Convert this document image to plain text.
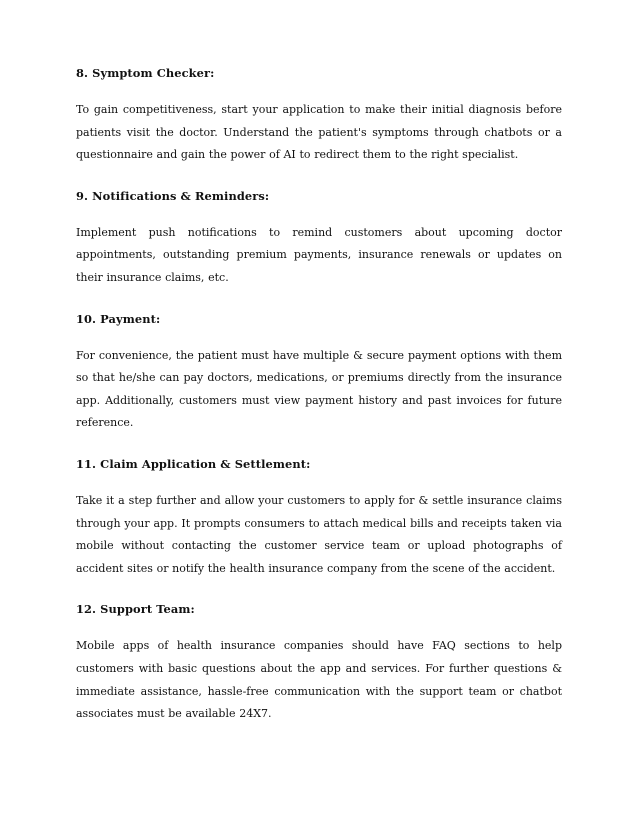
8. Symptom Checker:

To gain competitiveness, start your application to make their initial diagnosis before patients visit the doctor. Understand the patient's symptoms through chatbots or a questionnaire and gain the power of AI to redirect them to the right specialist.

9. Notifications & Reminders:

Implement push notifications to remind customers about upcoming doctor appointments, outstanding premium payments, insurance renewals or updates on their insurance claims, etc.

10. Payment:

For convenience, the patient must have multiple & secure payment options with them so that he/she can pay doctors, medications, or premiums directly from the insurance app. Additionally, customers must view payment history and past invoices for future reference.

11. Claim Application & Settlement:

Take it a step further and allow your customers to apply for & settle insurance claims through your app. It prompts consumers to attach medical bills and receipts taken via mobile without contacting the customer service team or upload photographs of accident sites or notify the health insurance company from the scene of the accident.

12. Support Team:

Mobile apps of health insurance companies should have FAQ sections to help customers with basic questions about the app and services. For further questions & immediate assistance, hassle-free communication with the support team or chatbot associates must be available 24X7.
